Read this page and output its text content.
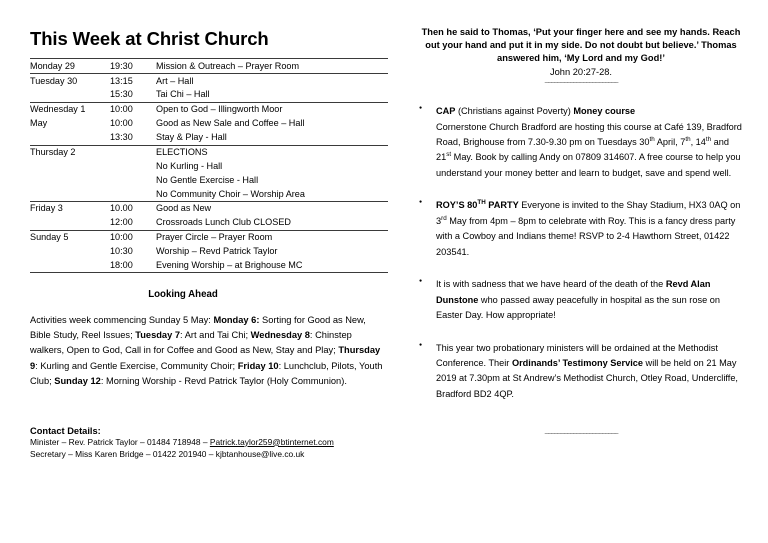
This Week at Christ Church
Monday 29	19:30	Mission & Outreach – Prayer Room
Tuesday 30	13:15	Art – Hall
	15:30	Tai Chi – Hall
Wednesday 1	10:00	Open to God – Illingworth Moor
May	10:00	Good as New Sale and Coffee – Hall
	13:30	Stay & Play - Hall
Thursday 2		ELECTIONS
		No Kurling - Hall
		No Gentle Exercise - Hall
		No Community Choir – Worship Area
Friday 3	10.00	Good as New
	12:00	Crossroads Lunch Club CLOSED
Sunday 5	10:00	Prayer Circle – Prayer Room
	10:30	Worship – Revd Patrick Taylor
	18:00	Evening Worship – at Brighouse MC
Looking Ahead

Activities week commencing Sunday 5 May: Monday 6: Sorting for Good as New, Bible Study, Reel Issues; Tuesday 7: Art and Tai Chi; Wednesday 8: Chinstep walkers, Open to God, Call in for Coffee and Good as New, Stay and Play; Thursday 9: Kurling and Gentle Exercise, Community Choir; Friday 10: Lunchclub, Pilots, Youth Club; Sunday 12: Morning Worship - Revd Patrick Taylor (Holy Communion).

Contact Details:
Minister – Rev. Patrick Taylor – 01484 718948 – Patrick.taylor259@btinternet.com
Secretary – Miss Karen Bridge – 01422 201940 – kjbtanhouse@live.co.uk

Then he said to Thomas, ‘Put your finger here and see my hands. Reach out your hand and put it in my side. Do not doubt but believe.’ Thomas answered him, ‘My Lord and my God!’

John 20:27-28.

~~~~~~~~~~~~~~~~~~~~~~~
● CAP (Christians against Poverty) Money course
Cornerstone Church Bradford are hosting this course at Café 139, Bradford Road, Brighouse from 7.30-9.30 pm on Tuesdays 30th April, 7th, 14th and 21st May. Book by calling Andy on 07809 314607. A free course to help you understand your money better and learn to budget, save and spend well.
● ROY’S 80TH PARTY Everyone is invited to the Shay Stadium, HX3 0AQ on 3rd May from 4pm – 8pm to celebrate with Roy. This is a fancy dress party with a Cowboy and Indians theme! RSVP to 2-4 Hawthorn Street, 01422 203541.
● It is with sadness that we have heard of the death of the Revd Alan Dunstone who passed away peacefully in hospital as the sun rose on Easter Day. How appropriate!
● This year two probationary ministers will be ordained at the Methodist Conference. Their Ordinands’ Testimony Service will be held on 21 May 2019 at 7.30pm at St Andrew’s Methodist Church, Otley Road, Undercliffe, Bradford BD2 4QP.
~~~~~~~~~~~~~~~~~~~~~~~
